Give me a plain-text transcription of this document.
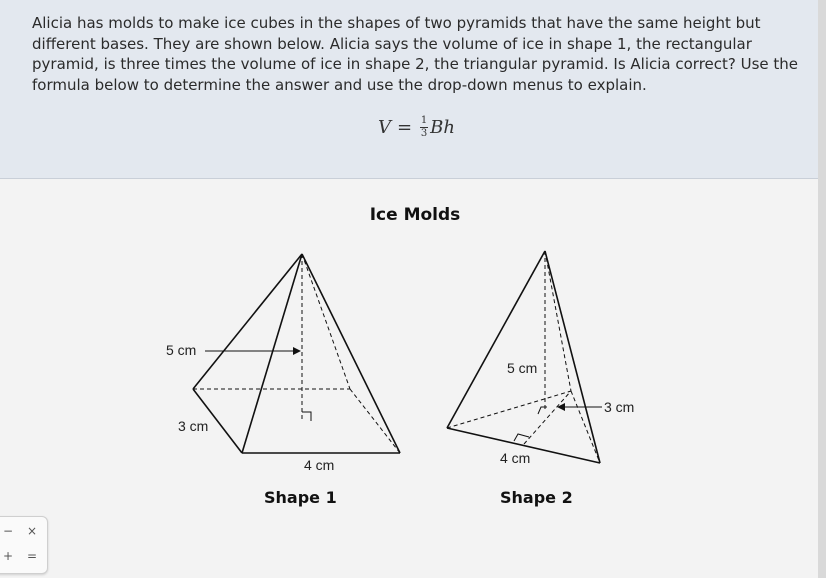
Alicia has molds to make ice cubes in the shapes of two pyramids that have the same height but different bases. They are shown below. Alicia says the volume of ice in shape 1, the rectangular pyramid, is three times the volume of ice in shape 2, the triangular pyramid. Is Alicia correct? Use the formula below to determine the answer and use the drop-down menus to explain.
$V = \frac{1}{3}$ Bh
Ice Molds
5 cm
3 cm
4 cm
5 cm
3 cm
4 cm
Shape 1	Shape 2
− ×
+ =
